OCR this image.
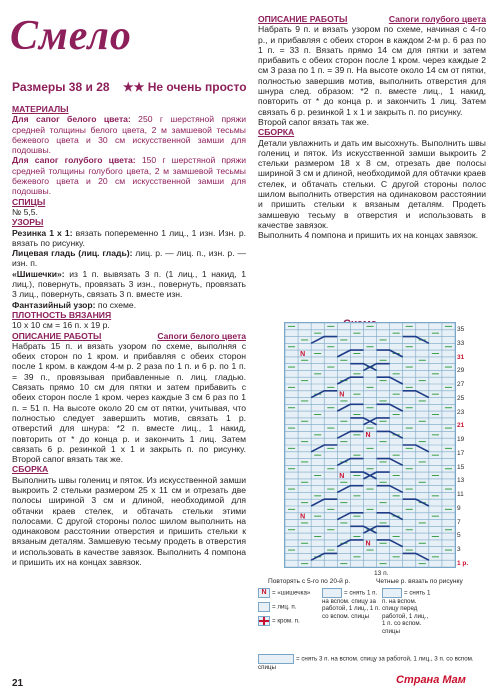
Смело
Размеры 38 и 28 ★★ Не очень просто

МАТЕРИАЛЫ

Для сапог белого цвета: 250 г шерстяной пряжи средней толщины белого цвета, 2 м замшевой тесьмы бежевого цвета и 30 см искусственной замши для подошвы.

Для сапог голубого цвета: 150 г шерстяной пряжи средней толщины голубого цвета, 2 м замшевой тесьмы бежевого цвета и 20 см искусственной замши для подошвы.

СПИЦЫ

№ 5,5.

УЗОРЫ

Резинка 1 х 1: вязать попеременно 1 лиц., 1 изн. Изн. р. вязать по рисунку.

Лицевая гладь (лиц. гладь): лиц. р. — лиц. п., изн. р. — изн. п.

«Шишечки»: из 1 п. вывязать 3 п. (1 лиц., 1 накид, 1 лиц.), повернуть, провязать 3 изн., повернуть, провязать 3 лиц., повернуть, связать 3 п. вместе изн.

Фантазийный узор: по схеме.

ПЛОТНОСТЬ ВЯЗАНИЯ

10 х 10 см = 16 п. х 19 р.

ОПИСАНИЕ РАБОТЫ	Сапоги белого цвета

Набрать 15 п. и вязать узором по схеме, выполняя с обеих сторон по 1 кром. и прибавляя с обеих сторон после 1 кром. в каждом 4-м р. 2 раза по 1 п. и 6 р. по 1 п. = 39 п., провязывая прибавленные п. лиц. гладью. Связать прямо 10 см для пятки и затем прибавить с обеих сторон после 1 кром. через каждые 3 см 6 раз по 1 п. = 51 п. На высоте около 20 см от пятки, учитывая, что полностью следует завершить мотив, связать 1 р. отверстий для шнура: *2 п. вместе лиц., 1 накид, повторить от * до конца р. и закончить 1 лиц. Затем связать 6 р. резинкой 1 х 1 и закрыть п. по рисунку. Второй сапог вязать так же.

СБОРКА

Выполнить швы голениц и пяток. Из искусственной замши выкроить 2 стельки размером 25 х 11 см и отрезать две полосы шириной 3 см и длиной, необходимой для обтачки краев стелек, и обтачать стельки этими полосами. С другой стороны полос шилом выполнить на одинаковом расстоянии отверстия и пришить стельки к вязаным деталям. Замшевую тесьму продеть в отверстия и использовать в качестве завязок. Выполнить 4 помпона и пришить их на концах завязок.

ОПИСАНИЕ РАБОТЫ	Сапоги голубого цвета

Набрать 9 п. и вязать узором по схеме, начиная с 4-го р., и прибавляя с обеих сторон в каждом 2-м р. 6 раз по 1 п. = 33 п. Вязать прямо 14 см для пятки и затем прибавить с обеих сторон после 1 кром. через каждые 2 см 3 раза по 1 п. = 39 п. На высоте около 14 см от пятки, полностью завершив мотив, выполнить отверстия для шнура след. образом: *2 п. вместе лиц., 1 накид, повторить от * до конца р. и закончить 1 лиц. Затем связать 6 р. резинкой 1 х 1 и закрыть п. по рисунку.

Второй сапог вязать так же.

СБОРКА

Детали увлажнить и дать им высохнуть. Выполнить швы голениц и пяток. Из искусственной замши выкроить 2 стельки размером 18 х 8 см, отрезать две полосы шириной 3 см и длиной, необходимой для обтачки краев стелек, и обтачать стельки. С другой стороны полос шилом выполнить отверстия на одинаковом расстоянии и пришить стельки к вязаным деталям. Продеть замшевую тесьму в отверстия и использовать в качестве завязок.

Выполнить 4 помпона и пришить их на концах завязок.

N
N
N
N
N
N
35
33
31
29
27
25
23
21
19
17
15
13
11
9
7
5
3
1 р.
13 п.
Повторять с 5-го по 20-й р.	Четные р. вязать по рисунку
N = «шишечка»
= лиц. п.
= кром. п.
= снять 1 п. на вспом. спицу за работой, 1 лиц., 1 п. со вспом. спицы
= снять 1 п. на вспом. спицу перед работой, 1 лиц., 1 п. со вспом. спицы
= снять 3 п. на вспом. спицу за работой, 1 лиц., 3 п. со вспом. спицы
21	Страна Мам
